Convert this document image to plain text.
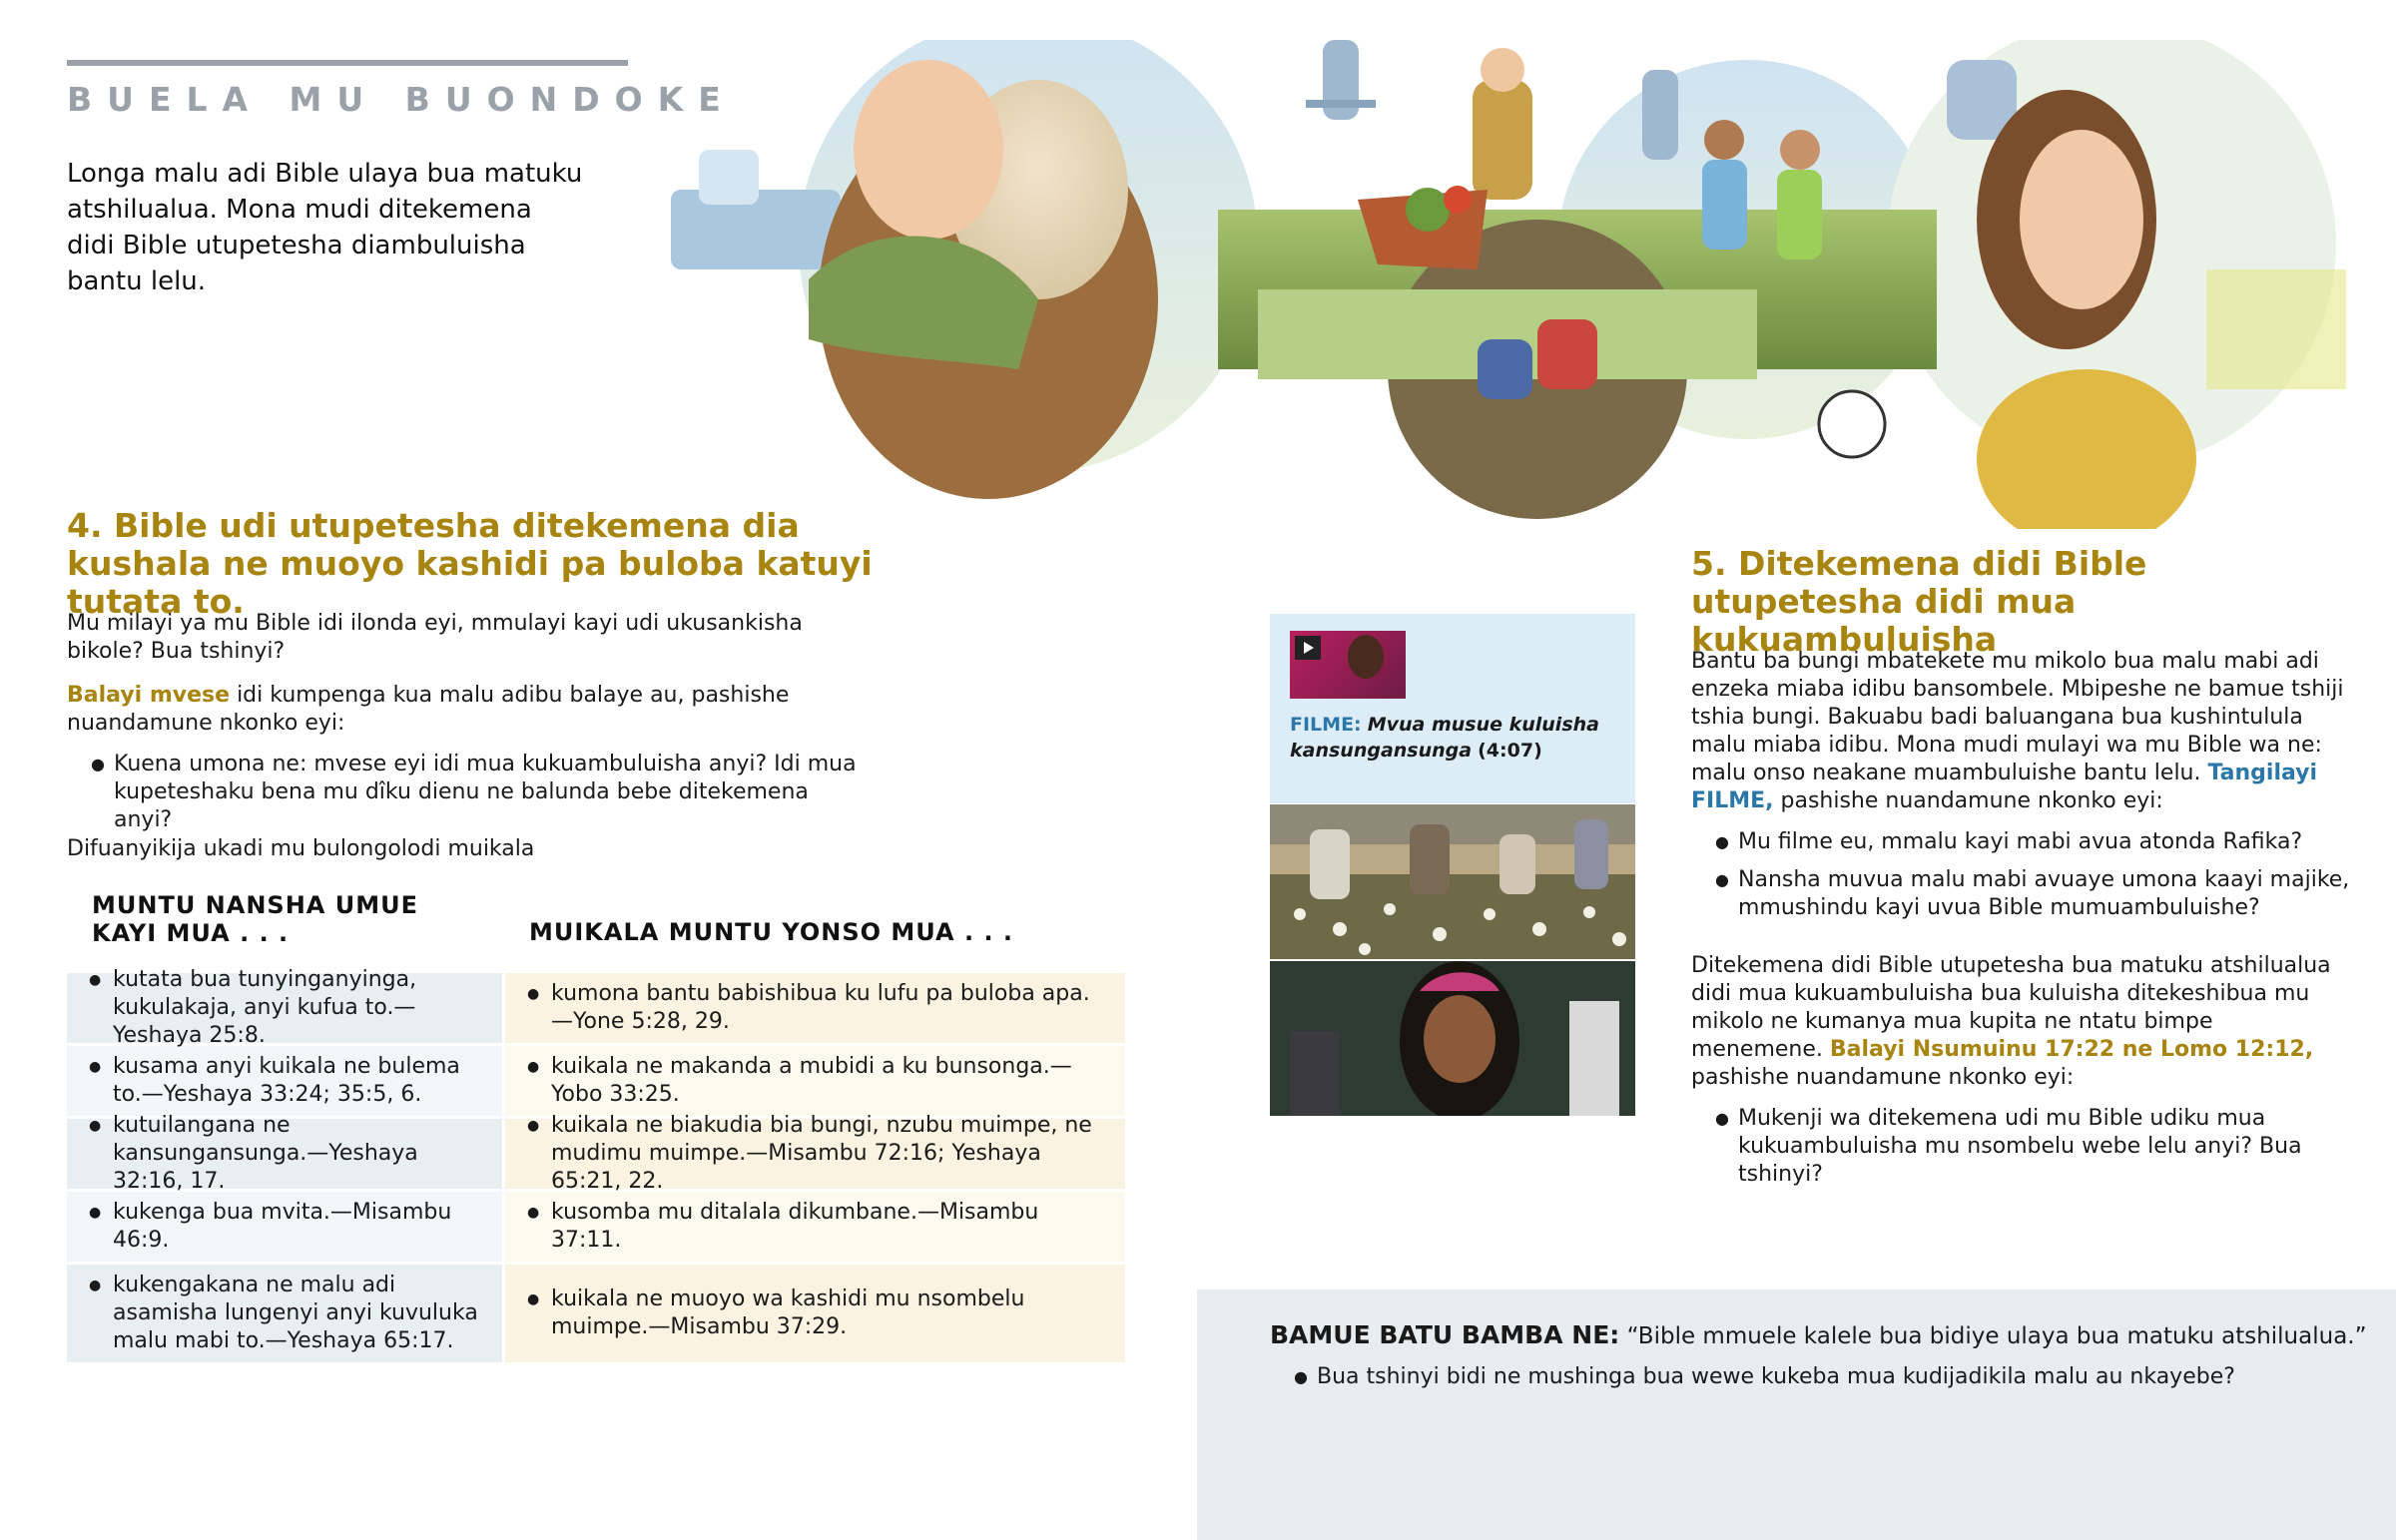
BUELA MU BUONDOKE
Longa malu adi Bible ulaya bua matuku atshilualua. Mona mudi ditekemena didi Bible utupetesha diambuluisha bantu lelu.
4. Bible udi utupetesha ditekemena dia
kushala ne muoyo kashidi pa buloba katuyi tutata to.
Mu milayi ya mu Bible idi ilonda eyi, mmulayi kayi udi ukusankisha bikole? Bua tshinyi?
Balayi mvese idi kumpenga kua malu adibu balaye au, pashishe nuandamune nkonko eyi:
● Kuena umona ne: mvese eyi idi mua kukuambuluisha anyi? Idi mua kupeteshaku bena mu dîku dienu ne balunda bebe ditekemena anyi?
Difuanyikija ukadi mu bulongolodi muikala
MUNTU NANSHA UMUE KAYI MUA . . .	MUIKALA MUNTU YONSO MUA . . .
● kutata bua tunyinganyinga, kukulakaja, anyi kufua to.—Yeshaya 25:8.
● kumona bantu babishibua ku lufu pa buloba apa.—Yone 5:28, 29.
● kusama anyi kuikala ne bulema to.—Yeshaya 33:24; 35:5, 6.
● kuikala ne makanda a mubidi a ku bunsonga.—Yobo 33:25.
● kutuilangana ne kansungansunga.—Yeshaya 32:16, 17.
● kuikala ne biakudia bia bungi, nzubu muimpe, ne mudimu muimpe.—Misambu 72:16; Yeshaya 65:21, 22.
● kukenga bua mvita.—Misambu 46:9.
● kusomba mu ditalala dikumbane.—Misambu 37:11.
● kukengakana ne malu adi asamisha lungenyi anyi kuvuluka malu mabi to.—Yeshaya 65:17.
● kuikala ne muoyo wa kashidi mu nsombelu muimpe.—Misambu 37:29.
FILME: Mvua musue kuluisha kansungansunga (4:07)
5. Ditekemena didi Bible utupetesha didi mua kukuambuluisha
Bantu ba bungi mbatekete mu mikolo bua malu mabi adi enzeka miaba idibu bansombele. Mbipeshe ne bamue tshiji tshia bungi. Bakuabu badi baluangana bua kushintulula malu miaba idibu. Mona mudi mulayi wa mu Bible wa ne: malu onso neakane muambuluishe bantu lelu. Tangilayi FILME, pashishe nuandamune nkonko eyi:
● Mu filme eu, mmalu kayi mabi avua atonda Rafika?
● Nansha muvua malu mabi avuaye umona kaayi majike, mmushindu kayi uvua Bible mumuambuluishe?
Ditekemena didi Bible utupetesha bua matuku atshilualua didi mua kukuambuluisha bua kuluisha ditekeshibua mu mikolo ne kumanya mua kupita ne ntatu bimpe menemene. Balayi Nsumuinu 17:22 ne Lomo 12:12, pashishe nuandamune nkonko eyi:
● Mukenji wa ditekemena udi mu Bible udiku mua kukuambuluisha mu nsombelu webe lelu anyi? Bua tshinyi?
BAMUE BATU BAMBA NE: “Bible mmuele kalele bua bidiye ulaya bua matuku atshilualua.”
● Bua tshinyi bidi ne mushinga bua wewe kukeba mua kudijadikila malu au nkayebe?
